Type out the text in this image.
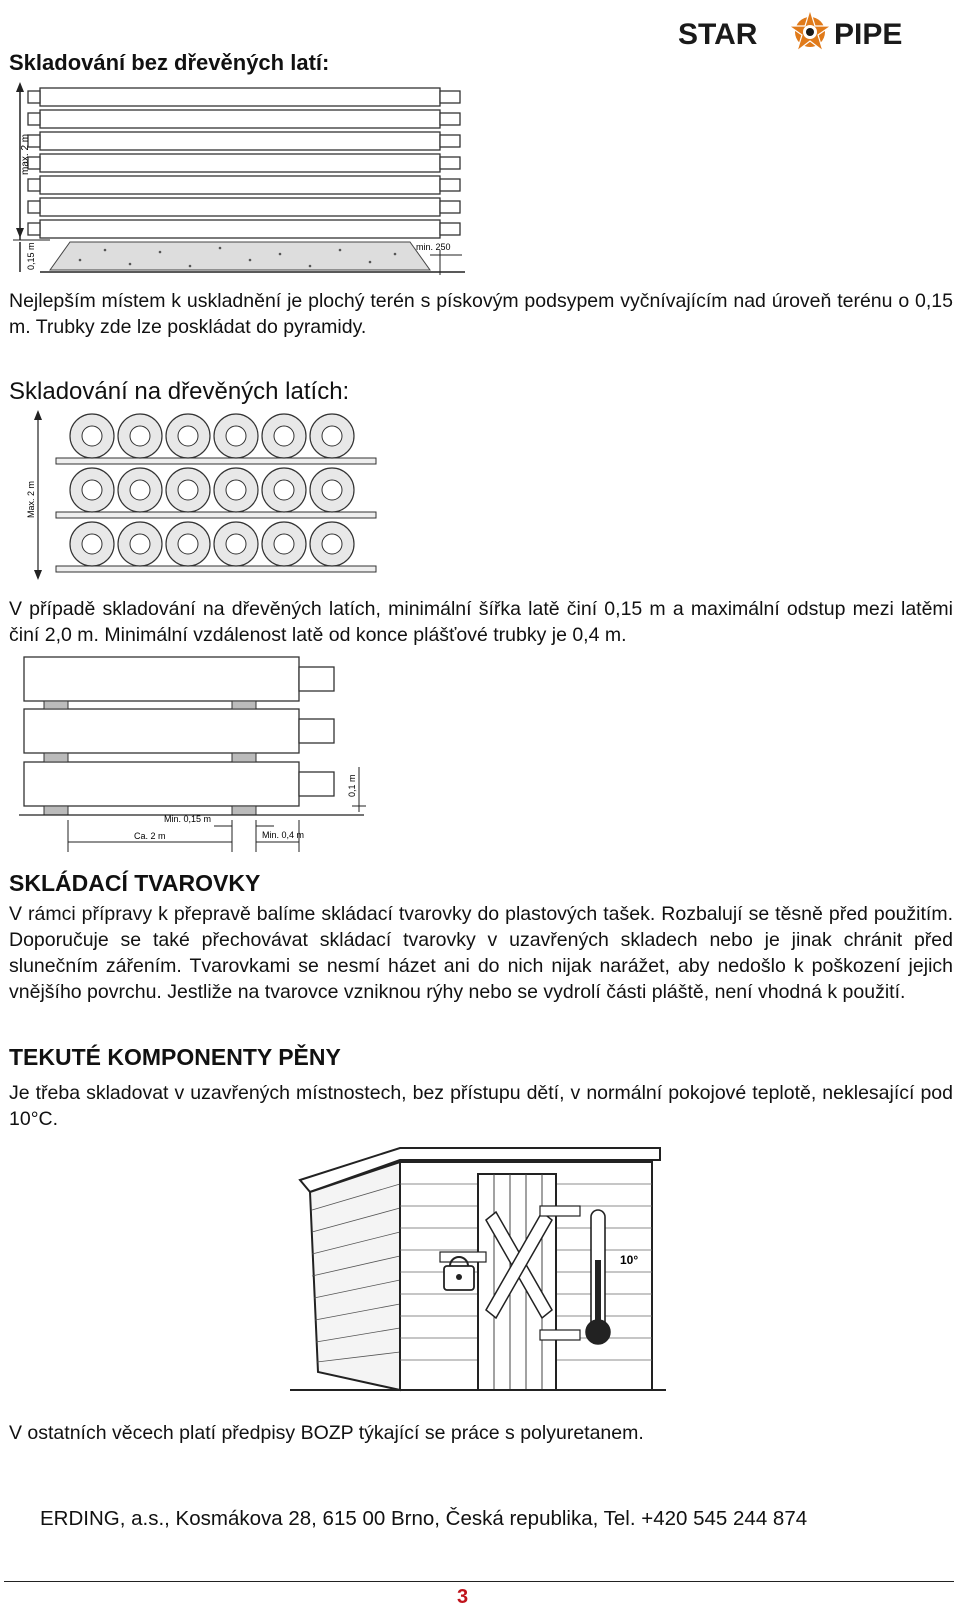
STAR	PIPE
Skladování bez dřevěných latí:
max. 2 m
0,15 m	min. 250
Nejlepším místem k uskladnění je plochý terén s pískovým podsypem vyčnívajícím nad úroveň terénu o 0,15 m. Trubky zde lze poskládat do pyramidy.
Skladování na dřevěných latích:
Max. 2 m
V případě skladování na dřevěných latích, minimální šířka latě činí 0,15 m a maximální odstup mezi latěmi činí 2,0 m. Minimální vzdálenost latě od konce plášťové trubky je 0,4 m.
Min. 0,15 m
Ca. 2 m	Min. 0,4 m
0,1 m
SKLÁDACÍ TVAROVKY
V rámci přípravy k přepravě balíme skládací tvarovky do plastových tašek. Rozbalují se těsně před použitím. Doporučuje se také přechovávat skládací tvarovky v uzavřených skladech nebo je jinak chránit před slunečním zářením. Tvarovkami se nesmí házet ani do nich nijak narážet, aby nedošlo k poškození jejich vnějšího povrchu. Jestliže na tvarovce vzniknou rýhy nebo se vydrolí části pláště, není vhodná k použití.
TEKUTÉ KOMPONENTY PĚNY
Je třeba skladovat v uzavřených místnostech, bez přístupu dětí, v normální pokojové teplotě, neklesající pod 10°C.
10°
V ostatních věcech platí předpisy BOZP týkající se práce s polyuretanem.
ERDING, a.s., Kosmákova 28, 615 00 Brno, Česká republika, Tel. +420 545 244 874
3
